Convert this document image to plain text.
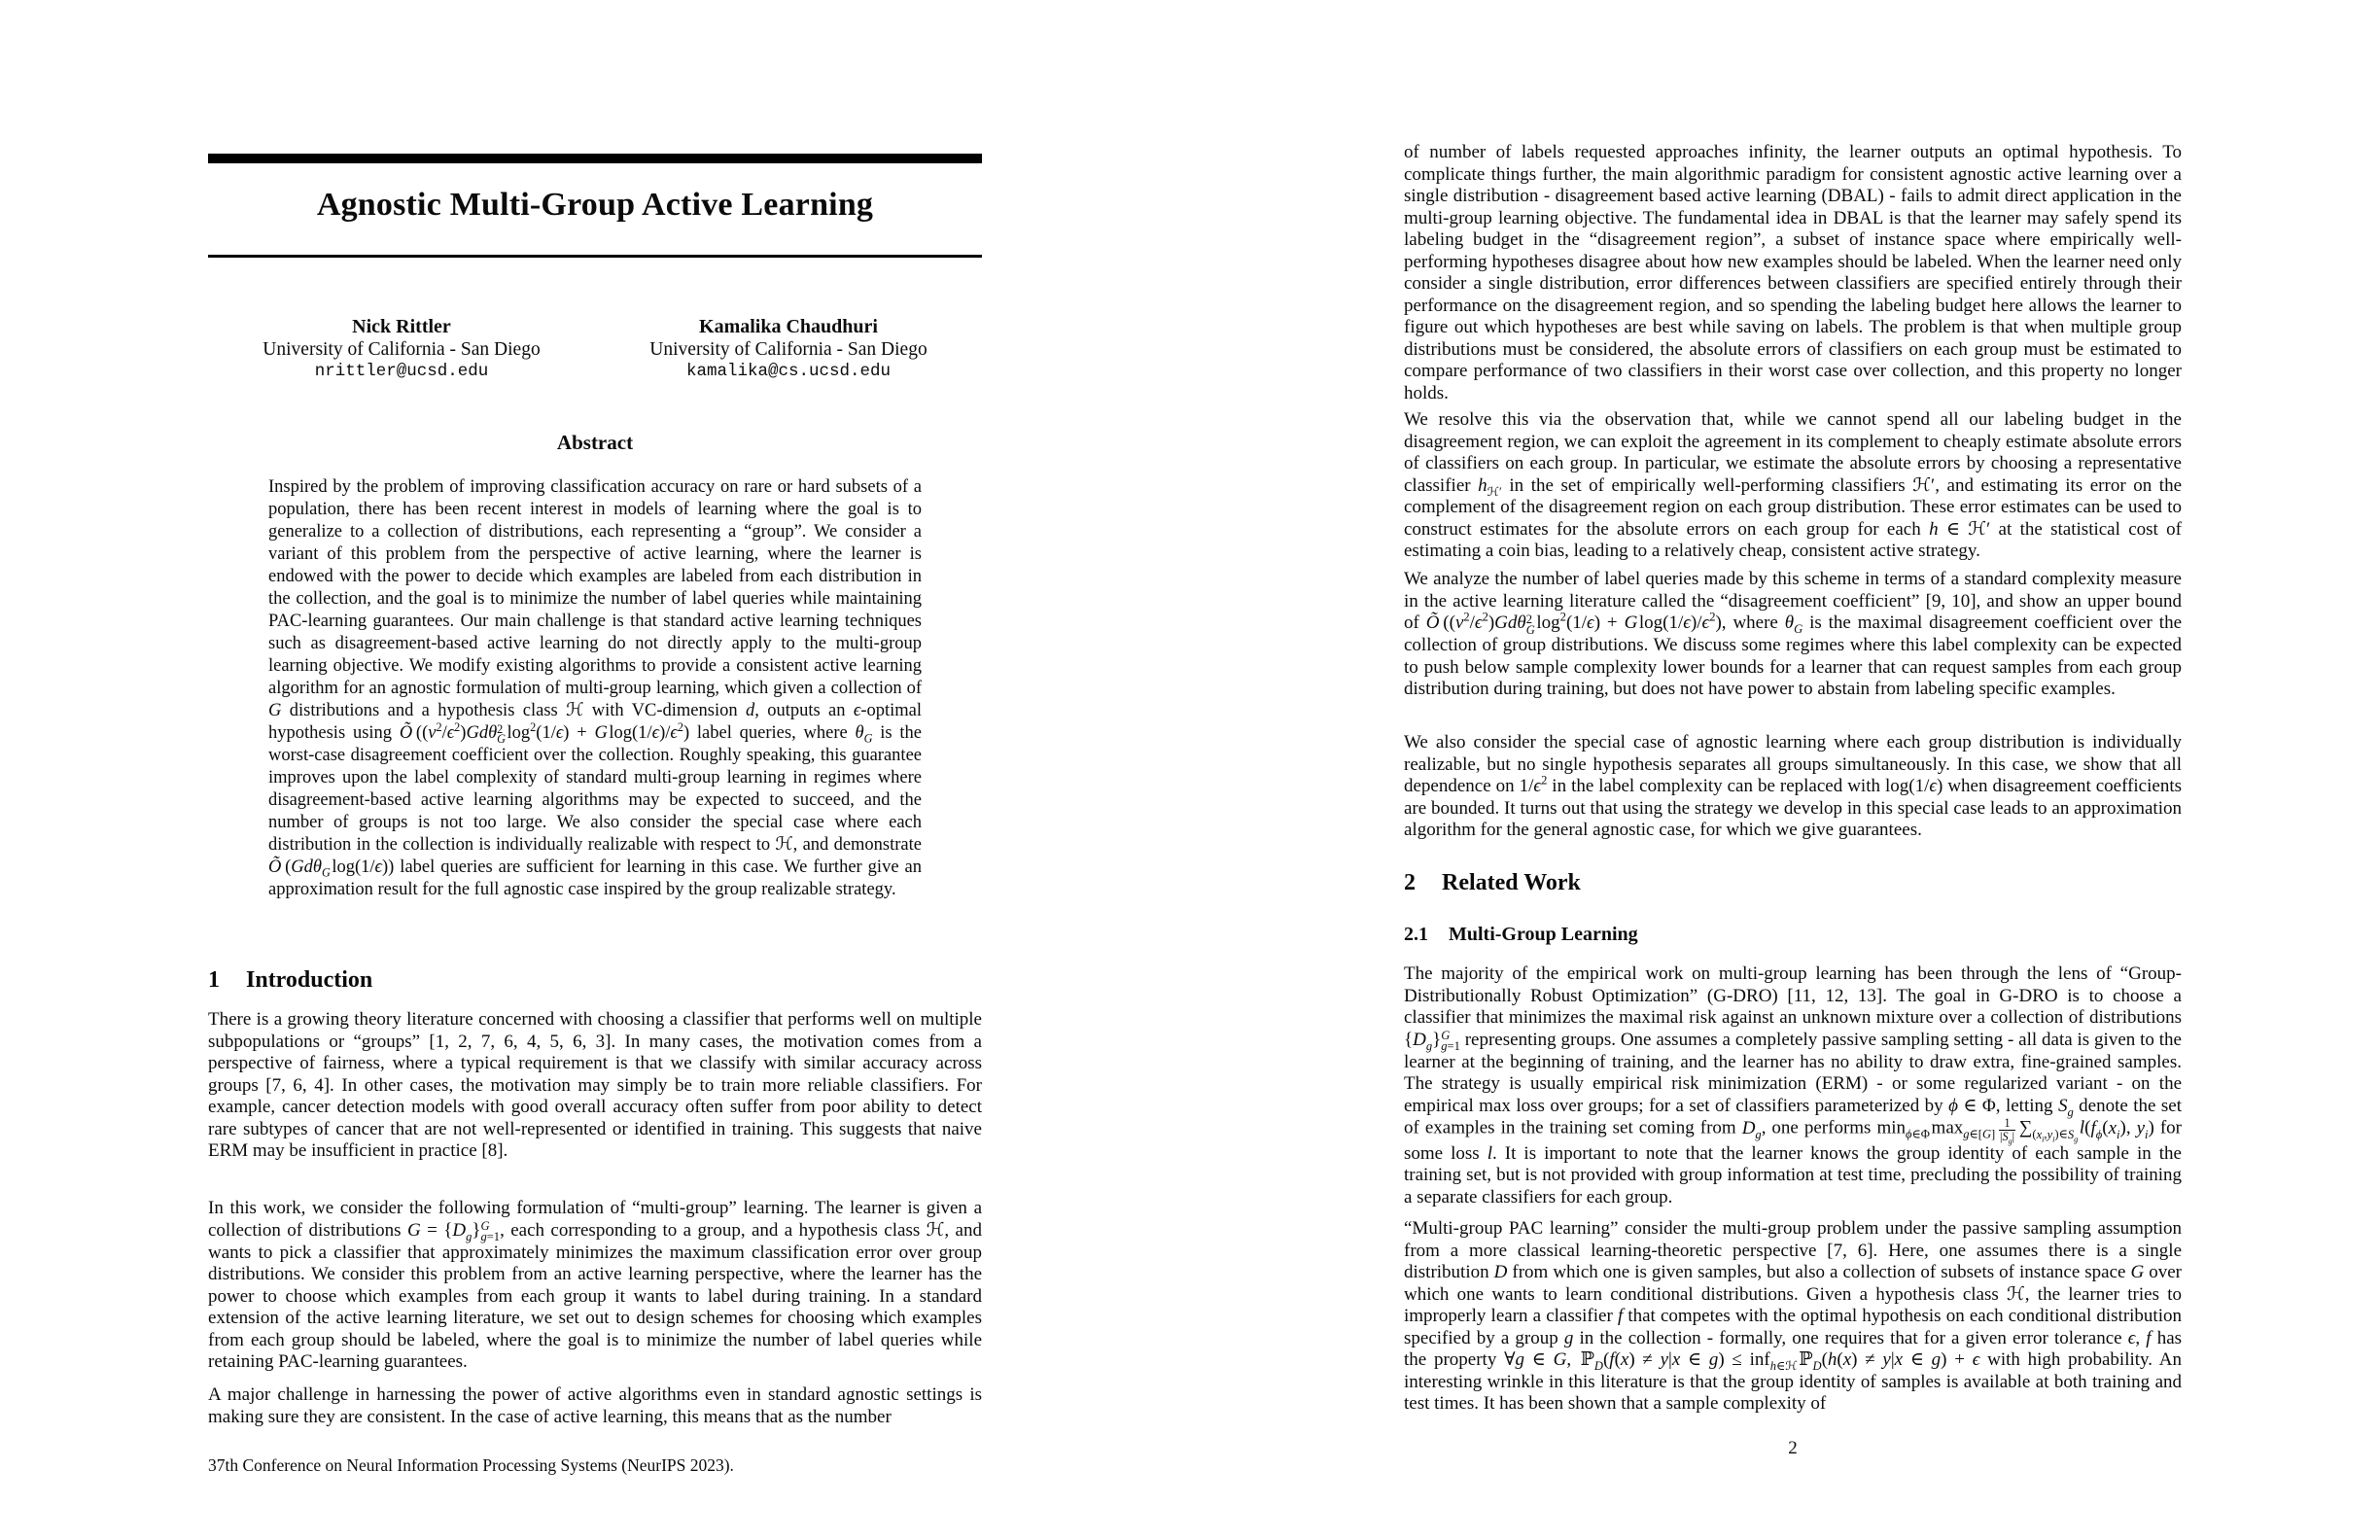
Agnostic Multi-Group Active Learning
Nick Rittler
University of California - San Diego
nrittler@ucsd.edu
Kamalika Chaudhuri
University of California - San Diego
kamalika@cs.ucsd.edu
Abstract

Inspired by the problem of improving classification accuracy on rare or hard subsets of a population, there has been recent interest in models of learning where the goal is to generalize to a collection of distributions, each representing a “group”. We consider a variant of this problem from the perspective of active learning, where the learner is endowed with the power to decide which examples are labeled from each distribution in the collection, and the goal is to minimize the number of label queries while maintaining PAC-learning guarantees. Our main challenge is that standard active learning techniques such as disagreement-based active learning do not directly apply to the multi-group learning objective. We modify existing algorithms to provide a consistent active learning algorithm for an agnostic formulation of multi-group learning, which given a collection of G distributions and a hypothesis class ℋ with VC-dimension d, outputs an ϵ-optimal hypothesis using Õ ($(\nu^2/\epsilon^2)Gd\theta$ 2
G  $\log^2(1/\epsilon) + G$ $\log(1/\epsilon)/\epsilon^2$) label queries, where $\theta_G$ is the worst-case disagreement coefficient over the collection. Roughly speaking, this guarantee improves upon the label complexity of standard multi-group learning in regimes where disagreement-based active learning algorithms may be expected to succeed, and the number of groups is not too large. We also consider the special case where each distribution in the collection is individually realizable with respect to ℋ, and demonstrate Õ (Gdθ$_G$ log(1/ϵ)) label queries are sufficient for learning in this case. We further give an approximation result for the full agnostic case inspired by the group realizable strategy.

1 Introduction

There is a growing theory literature concerned with choosing a classifier that performs well on multiple subpopulations or “groups” [1, 2, 7, 6, 4, 5, 6, 3]. In many cases, the motivation comes from a perspective of fairness, where a typical requirement is that we classify with similar accuracy across groups [7, 6, 4]. In other cases, the motivation may simply be to train more reliable classifiers. For example, cancer detection models with good overall accuracy often suffer from poor ability to detect rare subtypes of cancer that are not well-represented or identified in training. This suggests that naive ERM may be insufficient in practice [8].

In this work, we consider the following formulation of “multi-group” learning. The learner is given a collection of distributions $G = \{D_g\}$ G
g=1 , each corresponding to a group, and a hypothesis class ℋ, and wants to pick a classifier that approximately minimizes the maximum classification error over group distributions. We consider this problem from an active learning perspective, where the learner has the power to choose which examples from each group it wants to label during training. In a standard extension of the active learning literature, we set out to design schemes for choosing which examples from each group should be labeled, where the goal is to minimize the number of label queries while retaining PAC-learning guarantees.

A major challenge in harnessing the power of active algorithms even in standard agnostic settings is making sure they are consistent. In the case of active learning, this means that as the number

37th Conference on Neural Information Processing Systems (NeurIPS 2023).

of number of labels requested approaches infinity, the learner outputs an optimal hypothesis. To complicate things further, the main algorithmic paradigm for consistent agnostic active learning over a single distribution - disagreement based active learning (DBAL) - fails to admit direct application in the multi-group learning objective. The fundamental idea in DBAL is that the learner may safely spend its labeling budget in the “disagreement region”, a subset of instance space where empirically well-performing hypotheses disagree about how new examples should be labeled. When the learner need only consider a single distribution, error differences between classifiers are specified entirely through their performance on the disagreement region, and so spending the labeling budget here allows the learner to figure out which hypotheses are best while saving on labels. The problem is that when multiple group distributions must be considered, the absolute errors of classifiers on each group must be estimated to compare performance of two classifiers in their worst case over collection, and this property no longer holds.

We resolve this via the observation that, while we cannot spend all our labeling budget in the disagreement region, we can exploit the agreement in its complement to cheaply estimate absolute errors of classifiers on each group. In particular, we estimate the absolute errors by choosing a representative classifier $h_{ℋ'}$ in the set of empirically well-performing classifiers ℋ′, and estimating its error on the complement of the disagreement region on each group distribution. These error estimates can be used to construct estimates for the absolute errors on each group for each h ∈ ℋ′ at the statistical cost of estimating a coin bias, leading to a relatively cheap, consistent active strategy.

We analyze the number of label queries made by this scheme in terms of a standard complexity measure in the active learning literature called the “disagreement coefficient” [9, 10], and show an upper bound of Õ ($(\nu^2/\epsilon^2)Gd\theta$ 2
G  $\log^2(1/\epsilon) + G$ $\log(1/\epsilon)/\epsilon^2$), where $\theta_G$ is the maximal disagreement coefficient over the collection of group distributions. We discuss some regimes where this label complexity can be expected to push below sample complexity lower bounds for a learner that can request samples from each group distribution during training, but does not have power to abstain from labeling specific examples.

We also consider the special case of agnostic learning where each group distribution is individually realizable, but no single hypothesis separates all groups simultaneously. In this case, we show that all dependence on $1/\epsilon^2$ in the label complexity can be replaced with log(1/ϵ) when disagreement coefficients are bounded. It turns out that using the strategy we develop in this special case leads to an approximation algorithm for the general agnostic case, for which we give guarantees.

2 Related Work
2.1 Multi-Group Learning

The majority of the empirical work on multi-group learning has been through the lens of “Group-Distributionally Robust Optimization” (G-DRO) [11, 12, 13]. The goal in G-DRO is to choose a classifier that minimizes the maximal risk against an unknown mixture over a collection of distributions $\{D_g\}$ G
g=1 representing groups. One assumes a completely passive sampling setting - all data is given to the learner at the beginning of training, and the learner has no ability to draw extra, fine-grained samples. The strategy is usually empirical risk minimization (ERM) - or some regularized variant - on the empirical max loss over groups; for a set of classifiers parameterized by ϕ ∈ Φ, letting $S_g$ denote the set of examples in the training set coming from $D_g$, one performs $\min_{\phi\in\Phi}$ $\max_{g\in[G]} \frac{1}{|S_g|} \sum_{(x_i,y_i)\in S_g}$ $l(f_\phi(x_i)$, $y_i$) for some loss l. It is important to note that the learner knows the group identity of each sample in the training set, but is not provided with group information at test time, precluding the possibility of training a separate classifiers for each group.

“Multi-group PAC learning” consider the multi-group problem under the passive sampling assumption from a more classical learning-theoretic perspective [7, 6]. Here, one assumes there is a single distribution D from which one is given samples, but also a collection of subsets of instance space G over which one wants to learn conditional distributions. Given a hypothesis class ℋ, the learner tries to improperly learn a classifier f that competes with the optimal hypothesis on each conditional distribution specified by a group g in the collection - formally, one requires that for a given error tolerance ϵ, f has the property ∀g ∈ G, ℙ$_D$(f(x) ≠ y|x ∈ g) ≤ inf$_{h\in ℋ}$ ℙ$_D$(h(x) ≠ y|x ∈ g) + ϵ with high probability. An interesting wrinkle in this literature is that the group identity of samples is available at both training and test times. It has been shown that a sample complexity of

2
